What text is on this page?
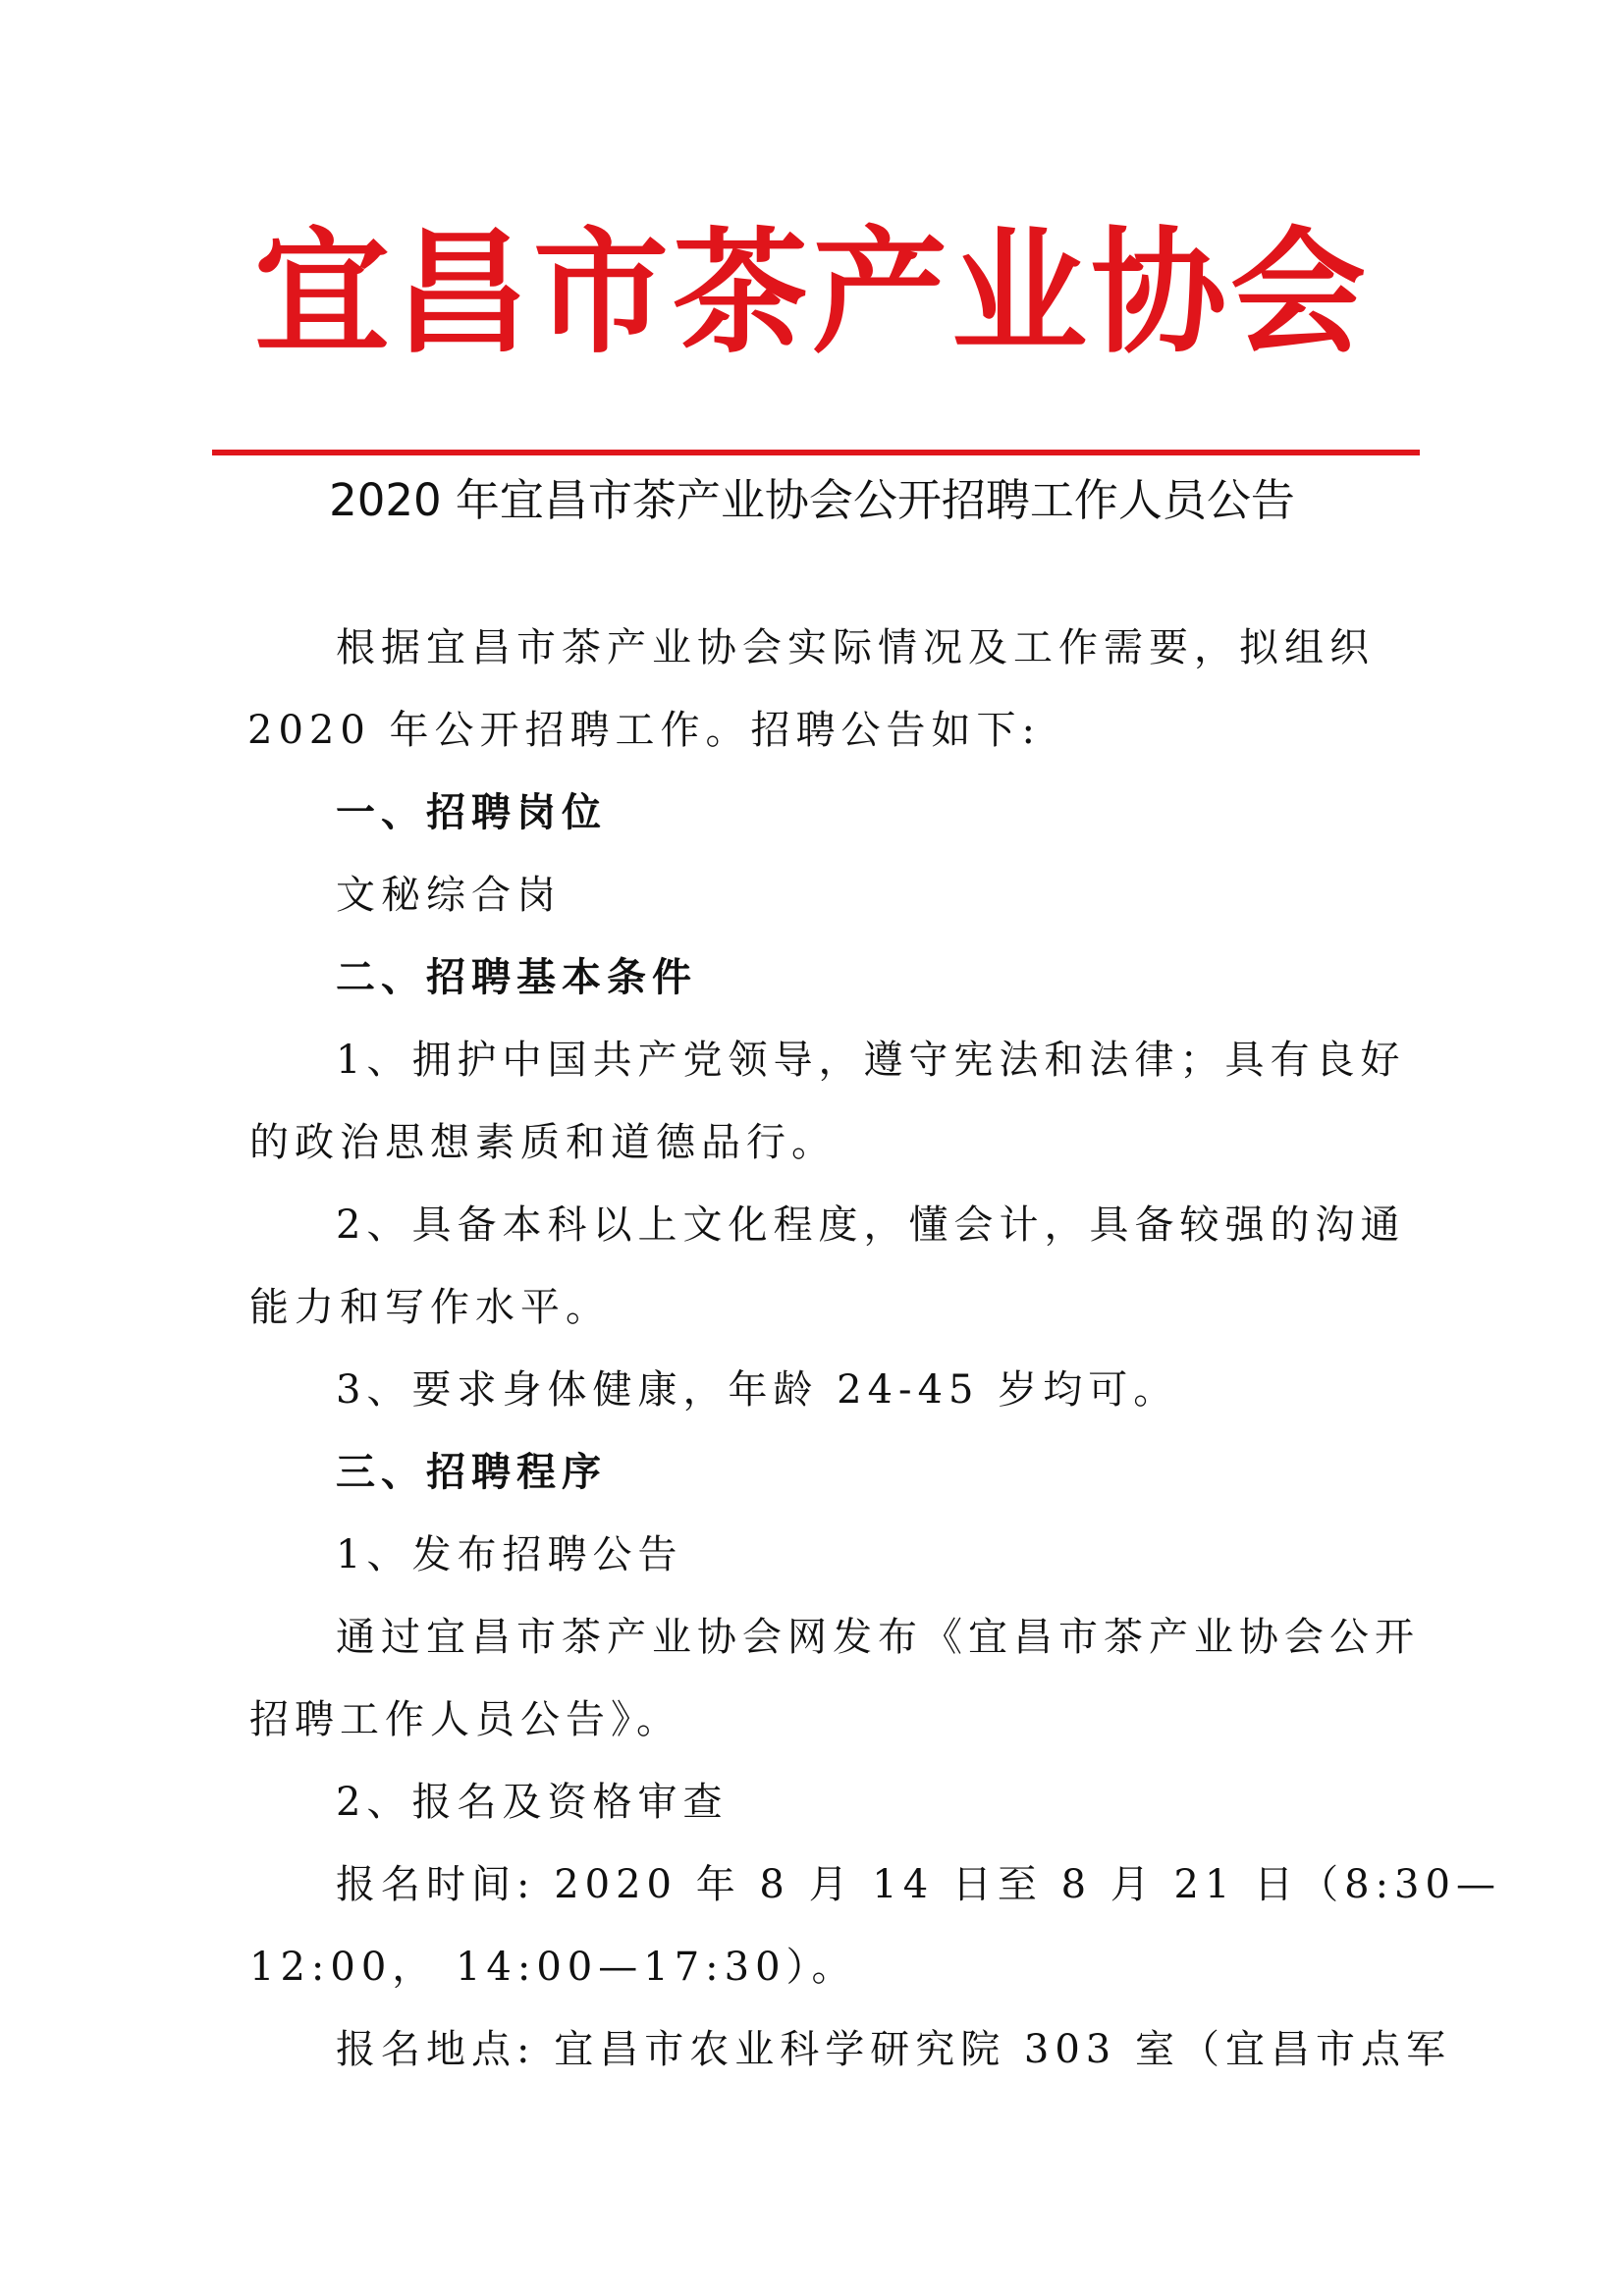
宜昌市茶产业协会
2020 年宜昌市茶产业协会公开招聘工作人员公告

根据宜昌市茶产业协会实际情况及工作需要，拟组织

2020 年公开招聘工作。招聘公告如下:

一、招聘岗位

文秘综合岗

二、招聘基本条件

1、拥护中国共产党领导，遵守宪法和法律；具有良好

的政治思想素质和道德品行。

2、具备本科以上文化程度，懂会计，具备较强的沟通

能力和写作水平。

3、要求身体健康，年龄 24-45 岁均可。

三、招聘程序

1、发布招聘公告

通过宜昌市茶产业协会网发布《宜昌市茶产业协会公开

招聘工作人员公告》。

2、报名及资格审查

报名时间: 2020 年 8 月 14 日至 8 月 21 日（8:30—

12:00， 14:00—17:30）。

报名地点: 宜昌市农业科学研究院 303 室（宜昌市点军
